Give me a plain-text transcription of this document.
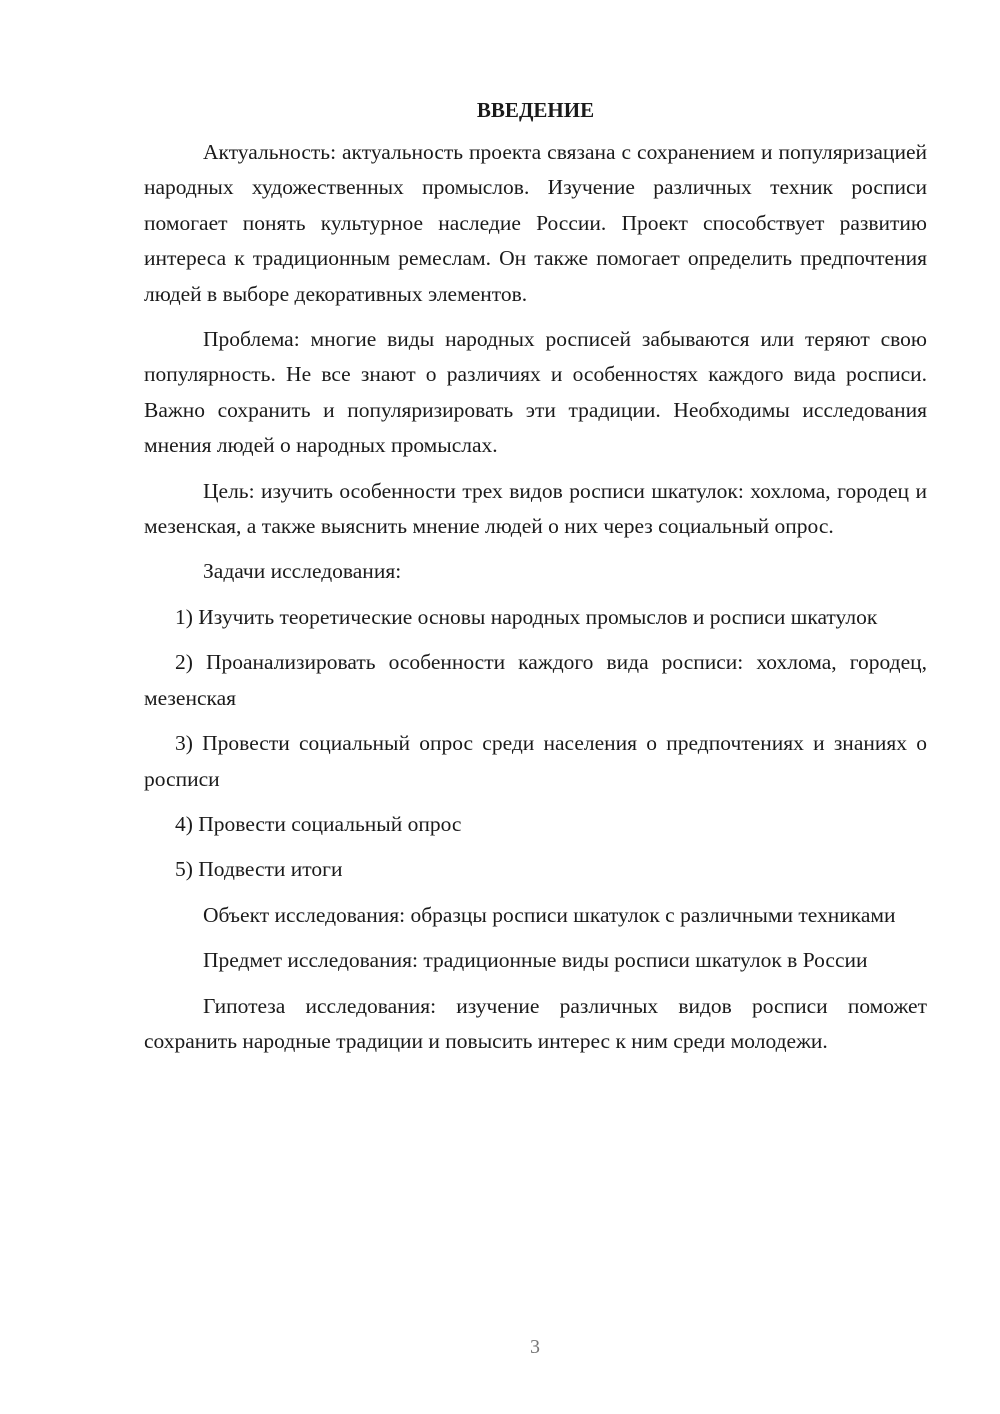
ВВЕДЕНИЕ
Актуальность: актуальность проекта связана с сохранением и популяризацией народных художественных промыслов. Изучение различных техник росписи помогает понять культурное наследие России. Проект способствует развитию интереса к традиционным ремеслам. Он также помогает определить предпочтения людей в выборе декоративных элементов.
Проблема: многие виды народных росписей забываются или теряют свою популярность. Не все знают о различиях и особенностях каждого вида росписи. Важно сохранить и популяризировать эти традиции. Необходимы исследования мнения людей о народных промыслах.
Цель: изучить особенности трех видов росписи шкатулок: хохлома, городец и мезенская, а также выяснить мнение людей о них через социальный опрос.
Задачи исследования:
1) Изучить теоретические основы народных промыслов и росписи шкатулок
2) Проанализировать особенности каждого вида росписи: хохлома, городец, мезенская
3) Провести социальный опрос среди населения о предпочтениях и знаниях о росписи
4) Провести социальный опрос
5) Подвести итоги
Объект исследования: образцы росписи шкатулок с различными техниками
Предмет исследования: традиционные виды росписи шкатулок в России
Гипотеза исследования: изучение различных видов росписи поможет сохранить народные традиции и повысить интерес к ним среди молодежи.
3
